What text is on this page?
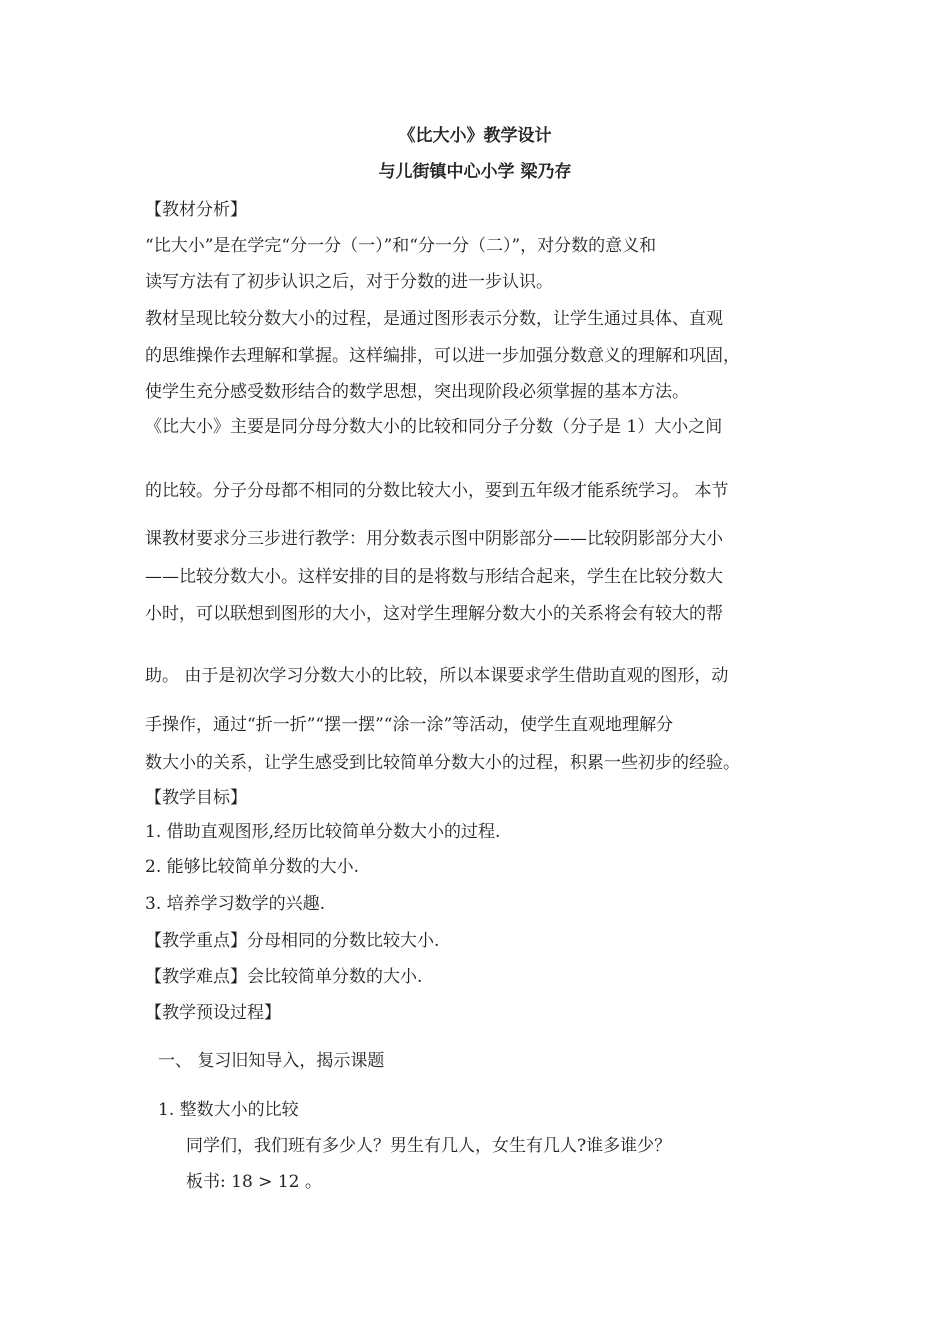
《比大小》教学设计
与儿街镇中心小学 梁乃存
【教材分析】
“比大小”是在学完“分一分（一）”和“分一分（二）”，对分数的意义和
读写方法有了初步认识之后，对于分数的进一步认识。
教材呈现比较分数大小的过程，是通过图形表示分数，让学生通过具体、直观
的思维操作去理解和掌握。这样编排，可以进一步加强分数意义的理解和巩固，
使学生充分感受数形结合的数学思想，突出现阶段必须掌握的基本方法。
《比大小》主要是同分母分数大小的比较和同分子分数（分子是 1）大小之间
的比较。分子分母都不相同的分数比较大小，要到五年级才能系统学习。 本节
课教材要求分三步进行教学：用分数表示图中阴影部分——比较阴影部分大小
——比较分数大小。这样安排的目的是将数与形结合起来，学生在比较分数大
小时，可以联想到图形的大小，这对学生理解分数大小的关系将会有较大的帮
助。 由于是初次学习分数大小的比较，所以本课要求学生借助直观的图形，动
手操作，通过“折一折”“摆一摆”“涂一涂”等活动，使学生直观地理解分
数大小的关系，让学生感受到比较简单分数大小的过程，积累一些初步的经验。
【教学目标】
1. 借助直观图形,经历比较简单分数大小的过程.
2. 能够比较简单分数的大小.
3. 培养学习数学的兴趣.
【教学重点】分母相同的分数比较大小.
【教学难点】会比较简单分数的大小.
【教学预设过程】
一、 复习旧知导入，揭示课题
1. 整数大小的比较
同学们，我们班有多少人？男生有几人，女生有几人?谁多谁少？
板书: 18 > 12 。
